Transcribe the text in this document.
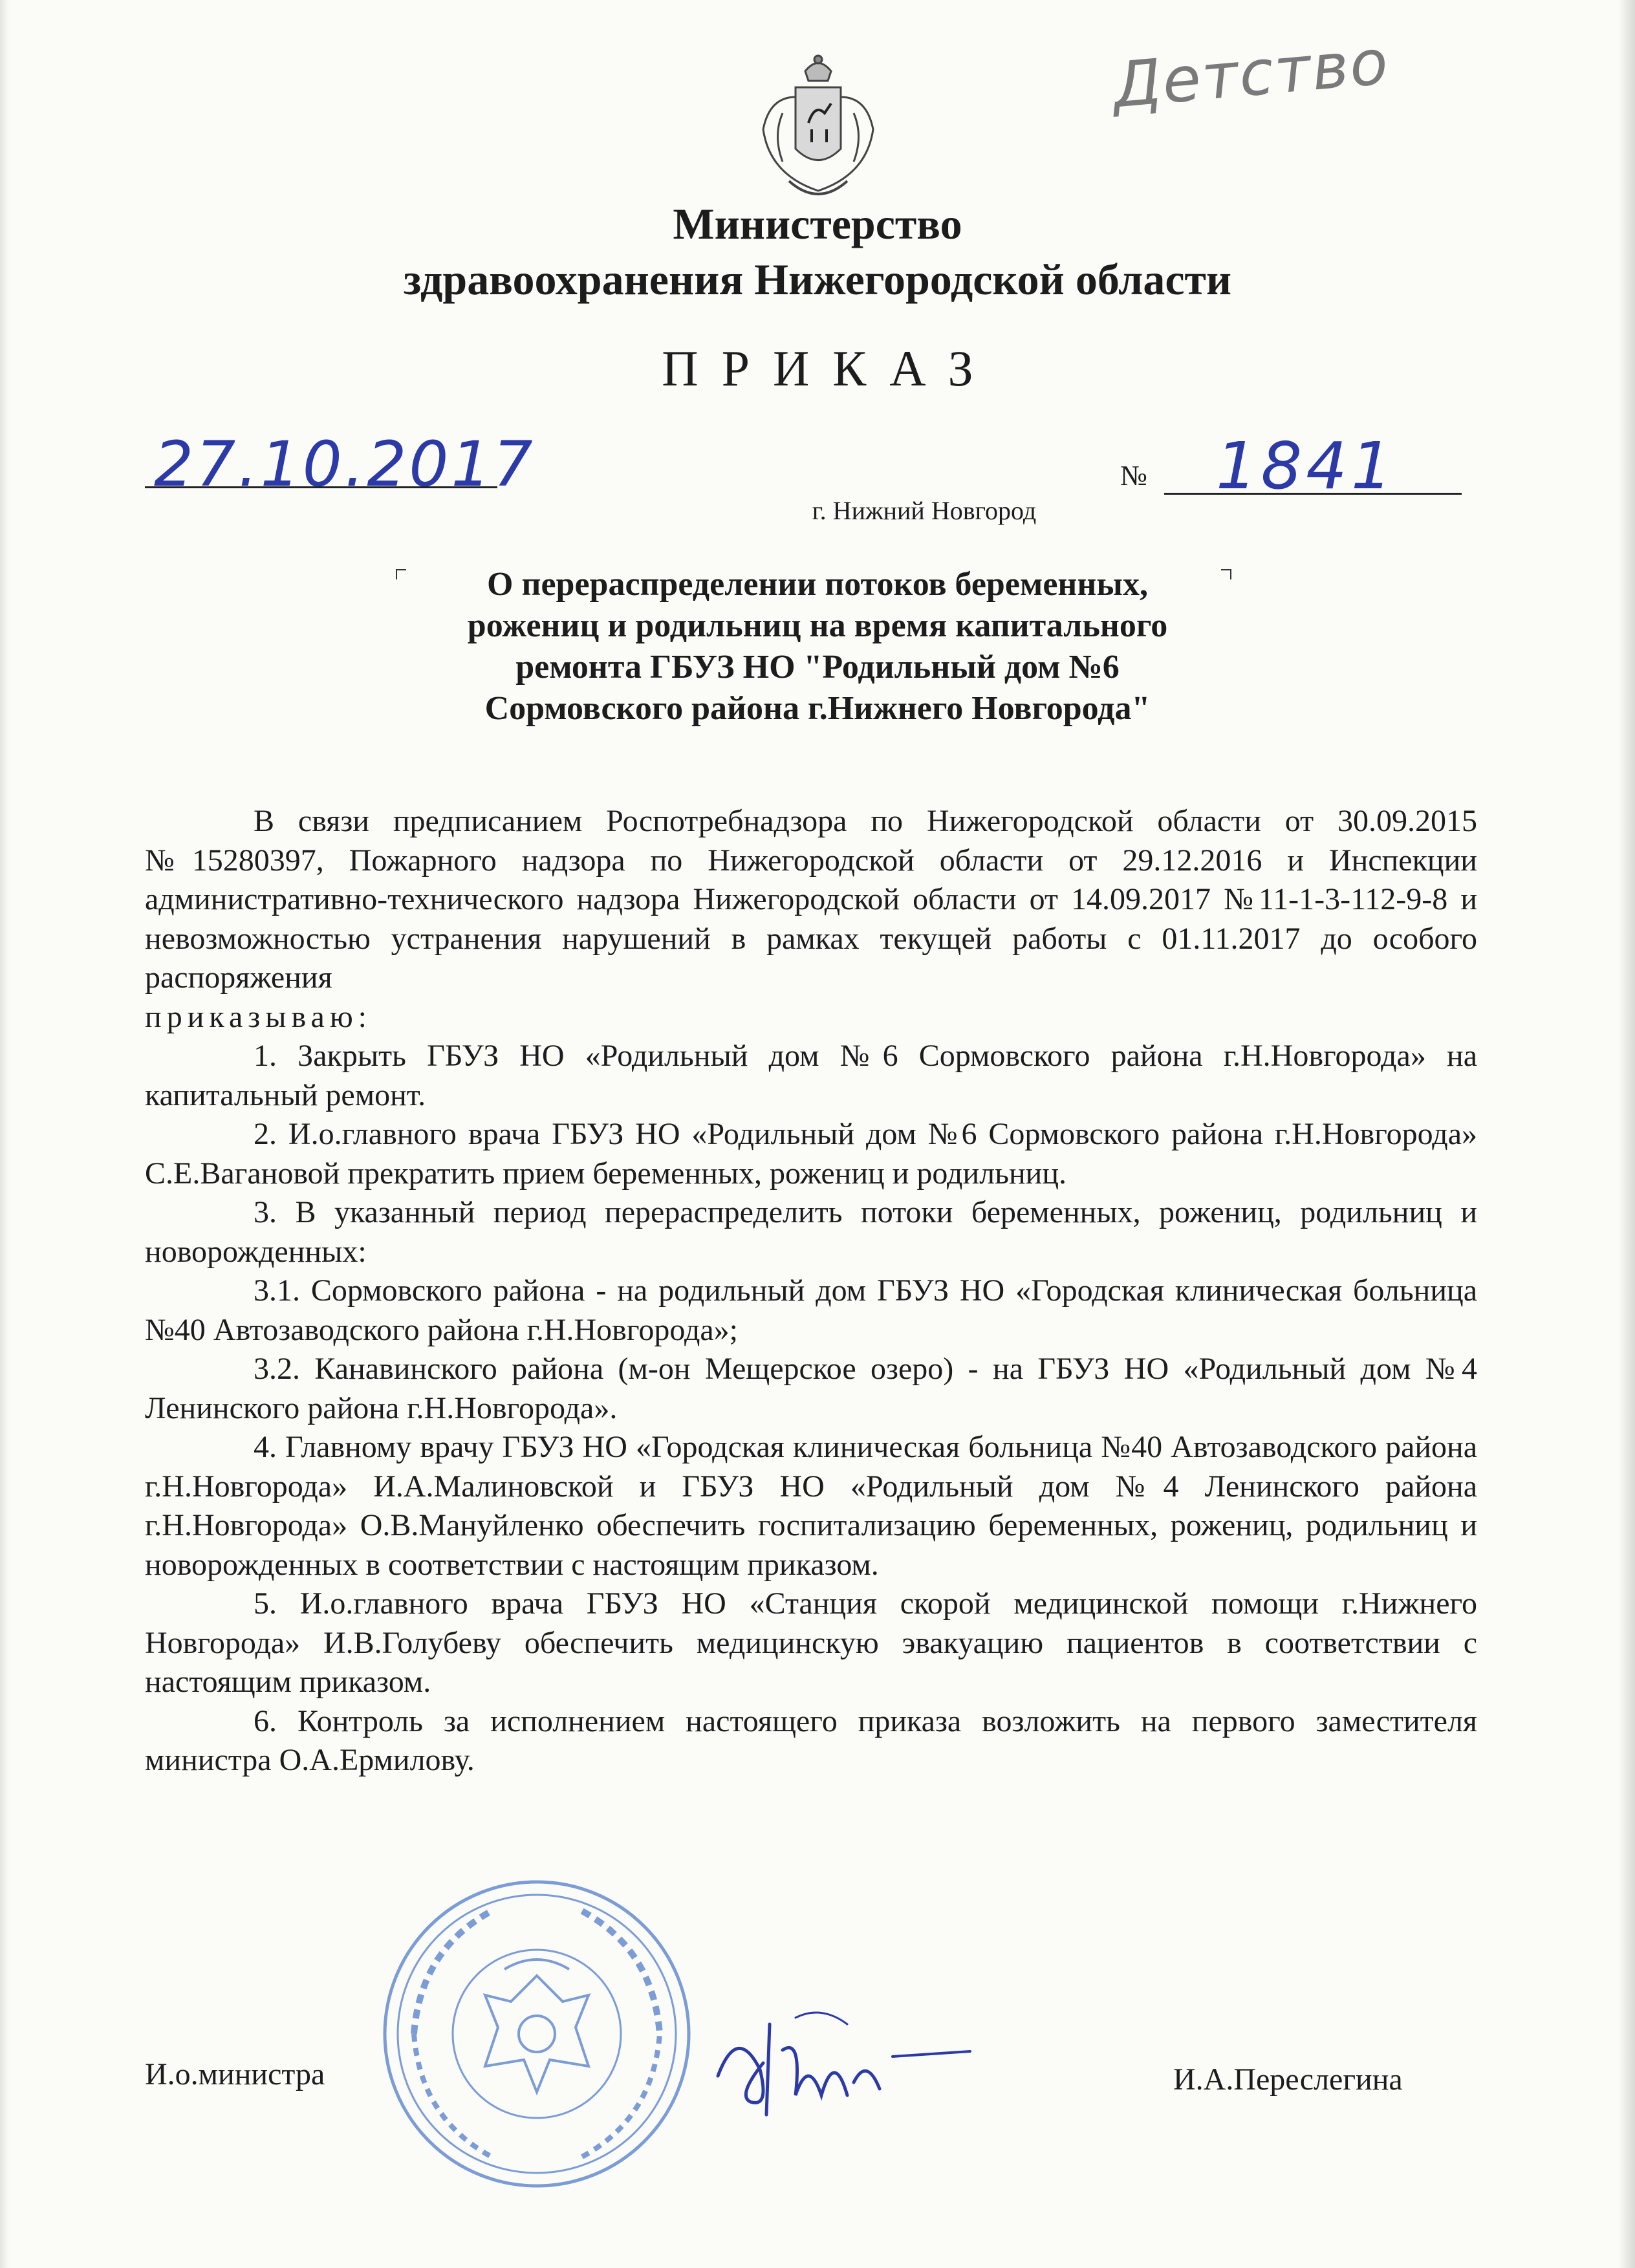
Детство
Министерство
здравоохранения Нижегородской области
ПРИКАЗ
27.10.2017	№ 1841
г. Нижний Новгород
О перераспределении потоков беременных,
рожениц и родильниц на время капитального
ремонта ГБУЗ НО "Родильный дом №6
Сормовского района г.Нижнего Новгорода"

В связи предписанием Роспотребнадзора по Нижегородской области от 30.09.2015 №15280397, Пожарного надзора по Нижегородской области от 29.12.2016 и Инспекции административно-технического надзора Нижегородской области от 14.09.2017 №11-1-3-112-9-8 и невозможностью устранения нарушений в рамках текущей работы с 01.11.2017 до особого распоряжения

приказываю:

1. Закрыть ГБУЗ НО «Родильный дом №6 Сормовского района г.Н.Новгорода» на капитальный ремонт.

2. И.о.главного врача ГБУЗ НО «Родильный дом №6 Сормовского района г.Н.Новгорода» С.Е.Вагановой прекратить прием беременных, рожениц и родильниц.

3. В указанный период перераспределить потоки беременных, рожениц, родильниц и новорожденных:

3.1. Сормовского района - на родильный дом ГБУЗ НО «Городская клиническая больница №40 Автозаводского района г.Н.Новгорода»;

3.2. Канавинского района (м-он Мещерское озеро) - на ГБУЗ НО «Родильный дом №4 Ленинского района г.Н.Новгорода».

4. Главному врачу ГБУЗ НО «Городская клиническая больница №40 Автозаводского района г.Н.Новгорода» И.А.Малиновской и ГБУЗ НО «Родильный дом №4 Ленинского района г.Н.Новгорода» О.В.Мануйленко обеспечить госпитализацию беременных, рожениц, родильниц и новорожденных в соответствии с настоящим приказом.

5. И.о.главного врача ГБУЗ НО «Станция скорой медицинской помощи г.Нижнего Новгорода» И.В.Голубеву обеспечить медицинскую эвакуацию пациентов в соответствии с настоящим приказом.

6. Контроль за исполнением настоящего приказа возложить на первого заместителя министра О.А.Ермилову.

И.о.министра	И.А.Переслегина
